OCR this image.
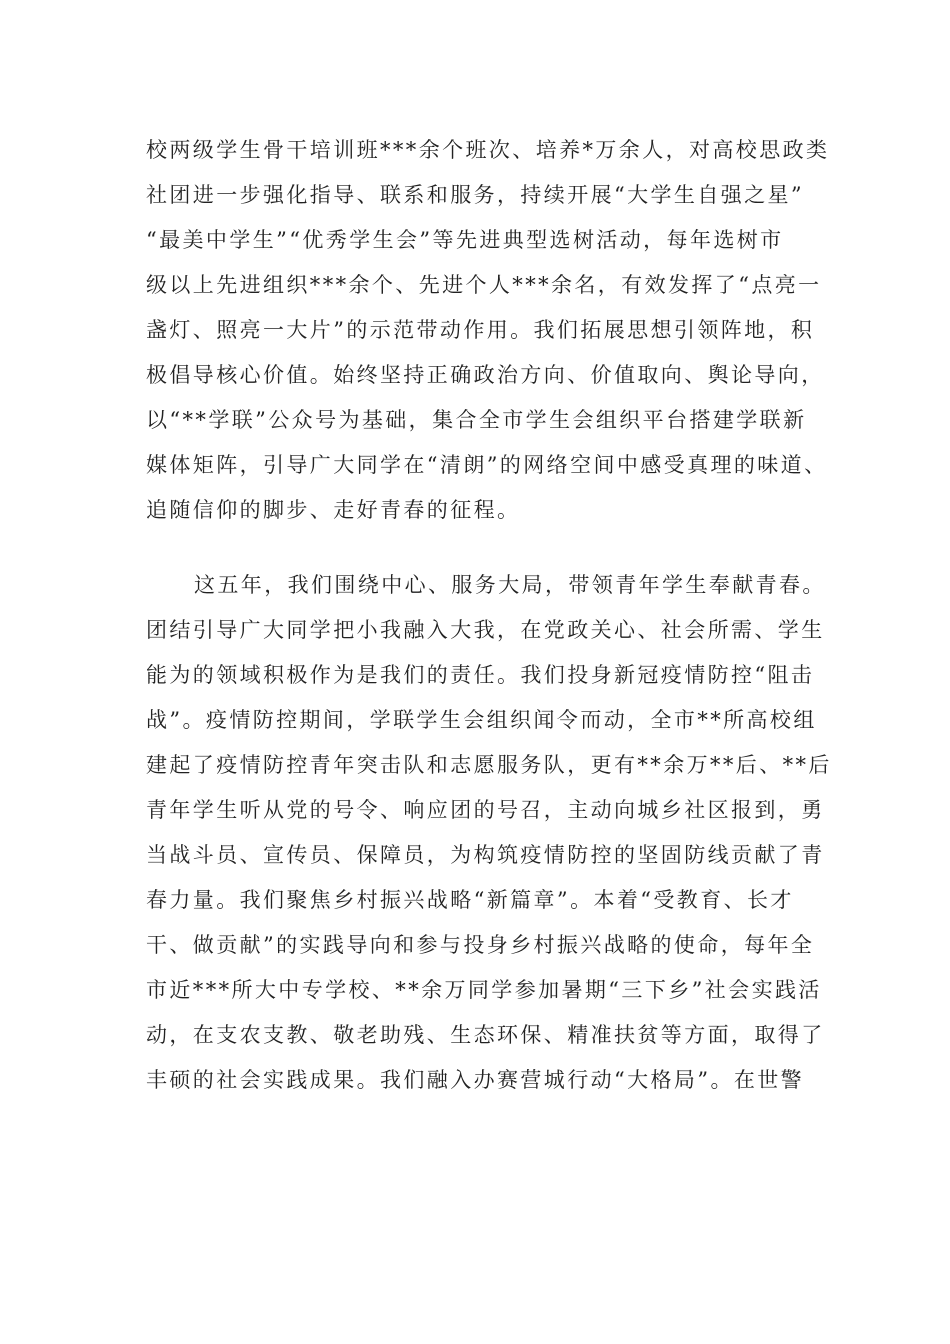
校两级学生骨干培训班***余个班次、培养*万余人，对高校思政类
社团进一步强化指导、联系和服务，持续开展“大学生自强之星”
“最美中学生”“优秀学生会”等先进典型选树活动，每年选树市
级以上先进组织***余个、先进个人***余名，有效发挥了“点亮一
盏灯、照亮一大片”的示范带动作用。我们拓展思想引领阵地，积
极倡导核心价值。始终坚持正确政治方向、价值取向、舆论导向，
以“**学联”公众号为基础，集合全市学生会组织平台搭建学联新
媒体矩阵，引导广大同学在“清朗”的网络空间中感受真理的味道、
追随信仰的脚步、走好青春的征程。
这五年，我们围绕中心、服务大局，带领青年学生奉献青春。
团结引导广大同学把小我融入大我，在党政关心、社会所需、学生
能为的领域积极作为是我们的责任。我们投身新冠疫情防控“阻击
战”。疫情防控期间，学联学生会组织闻令而动，全市**所高校组
建起了疫情防控青年突击队和志愿服务队，更有**余万**后、**后
青年学生听从党的号令、响应团的号召，主动向城乡社区报到，勇
当战斗员、宣传员、保障员，为构筑疫情防控的坚固防线贡献了青
春力量。我们聚焦乡村振兴战略“新篇章”。本着“受教育、长才
干、做贡献”的实践导向和参与投身乡村振兴战略的使命，每年全
市近***所大中专学校、**余万同学参加暑期“三下乡”社会实践活
动，在支农支教、敬老助残、生态环保、精准扶贫等方面，取得了
丰硕的社会实践成果。我们融入办赛营城行动“大格局”。在世警
